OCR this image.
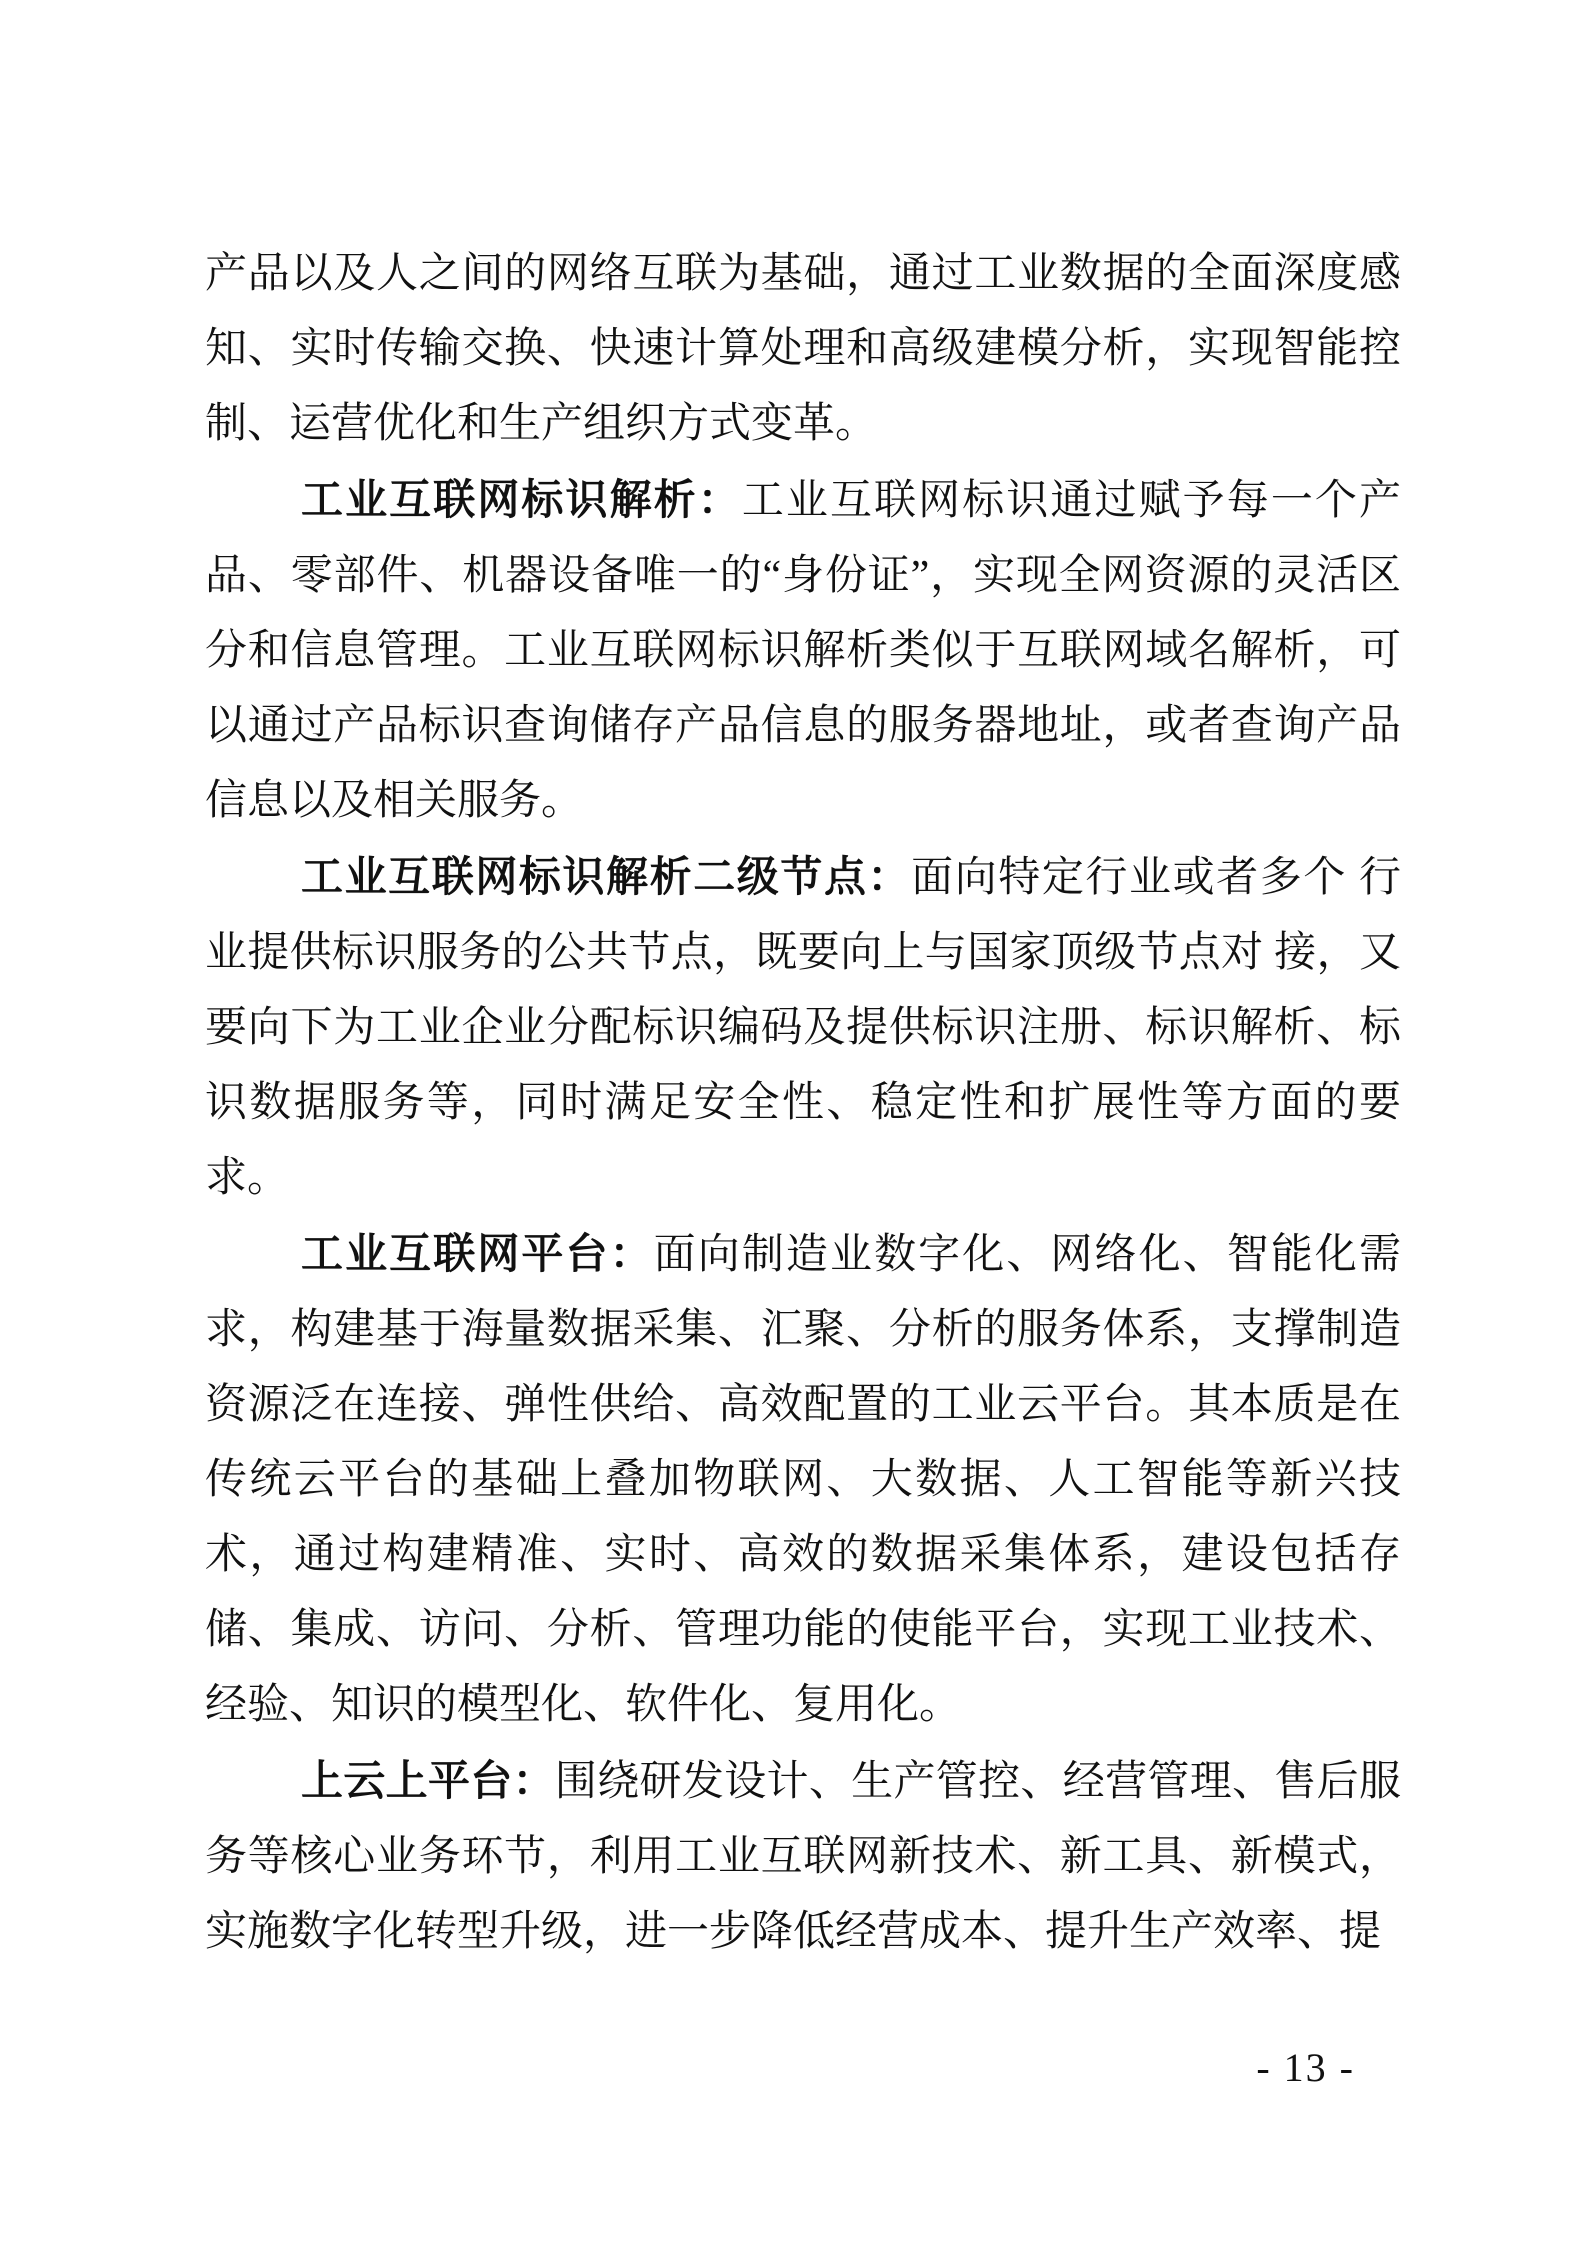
产品以及人之间的网络互联为基础，通过工业数据的全面深度感知、实时传输交换、快速计算处理和高级建模分析，实现智能控制、运营优化和生产组织方式变革。

工业互联网标识解析：工业互联网标识通过赋予每一个产品、零部件、机器设备唯一的“身份证”，实现全网资源的灵活区分和信息管理。工业互联网标识解析类似于互联网域名解析，可以通过产品标识查询储存产品信息的服务器地址，或者查询产品信息以及相关服务。

工业互联网标识解析二级节点：面向特定行业或者多个 行业提供标识服务的公共节点，既要向上与国家顶级节点对 接，又要向下为工业企业分配标识编码及提供标识注册、标识解析、标识数据服务等，同时满足安全性、稳定性和扩展性等方面的要求。

工业互联网平台：面向制造业数字化、网络化、智能化需求，构建基于海量数据采集、汇聚、分析的服务体系，支撑制造资源泛在连接、弹性供给、高效配置的工业云平台。其本质是在传统云平台的基础上叠加物联网、大数据、人工智能等新兴技术，通过构建精准、实时、高效的数据采集体系，建设包括存储、集成、访问、分析、管理功能的使能平台，实现工业技术、经验、知识的模型化、软件化、复用化。

上云上平台：围绕研发设计、生产管控、经营管理、售后服务等核心业务环节，利用工业互联网新技术、新工具、新模式，实施数字化转型升级，进一步降低经营成本、提升生产效率、提

- 13 -
